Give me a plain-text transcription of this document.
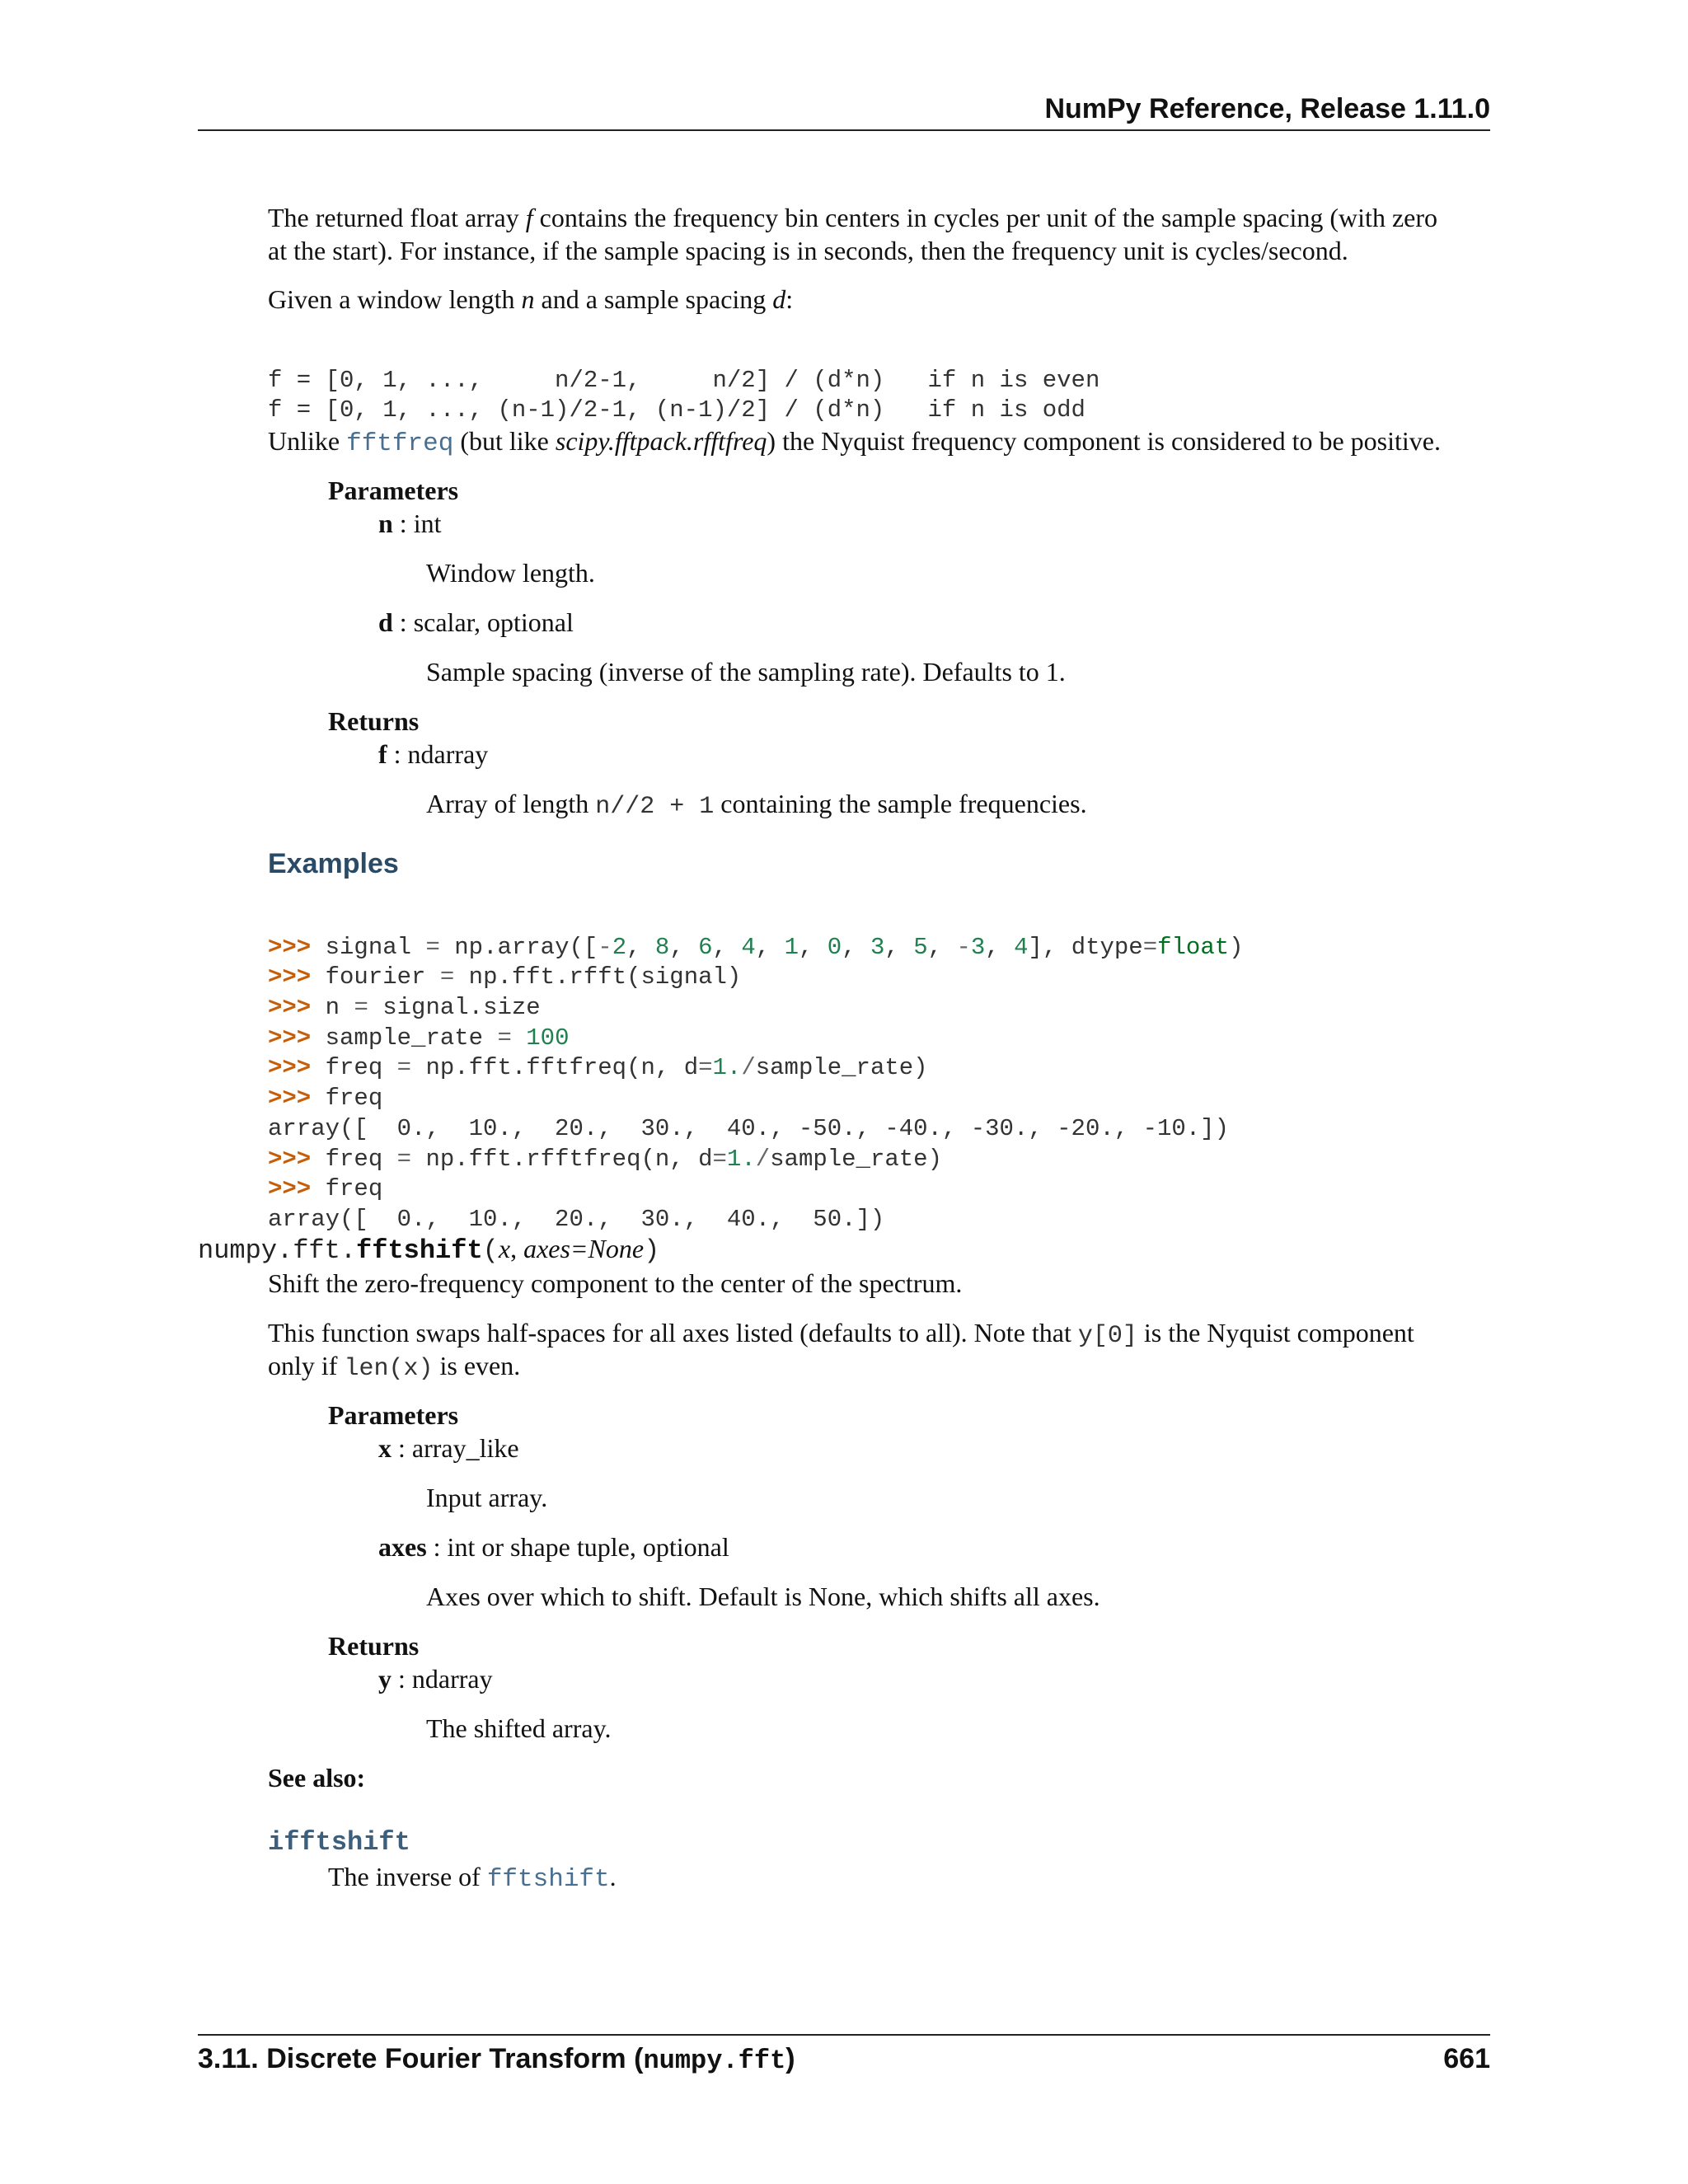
NumPy Reference, Release 1.11.0
The returned float array f contains the frequency bin centers in cycles per unit of the sample spacing (with zero
at the start). For instance, if the sample spacing is in seconds, then the frequency unit is cycles/second.
Given a window length n and a sample spacing d:

f = [0, 1, ...,     n/2-1,     n/2] / (d*n)   if n is even
f = [0, 1, ..., (n-1)/2-1, (n-1)/2] / (d*n)   if n is odd

Unlike fftfreq (but like scipy.fftpack.rfftfreq) the Nyquist frequency component is considered to be positive.
Parameters
n : int
Window length.
d : scalar, optional
Sample spacing (inverse of the sampling rate). Defaults to 1.
Returns
f : ndarray
Array of length n//2 + 1 containing the sample frequencies.
Examples

>>> signal = np.array([-2, 8, 6, 4, 1, 0, 3, 5, -3, 4], dtype=float)
>>> fourier = np.fft.rfft(signal)
>>> n = signal.size
>>> sample_rate = 100
>>> freq = np.fft.fftfreq(n, d=1./sample_rate)
>>> freq
array([  0.,  10.,  20.,  30.,  40., -50., -40., -30., -20., -10.])
>>> freq = np.fft.rfftfreq(n, d=1./sample_rate)
>>> freq
array([  0.,  10.,  20.,  30.,  40.,  50.])

numpy.fft.fftshift(x, axes=None)
Shift the zero-frequency component to the center of the spectrum.
This function swaps half-spaces for all axes listed (defaults to all). Note that y[0] is the Nyquist component
only if len(x) is even.
Parameters
x : array_like
Input array.
axes : int or shape tuple, optional
Axes over which to shift. Default is None, which shifts all axes.
Returns
y : ndarray
The shifted array.
See also:
ifftshift
The inverse of fftshift.
3.11. Discrete Fourier Transform (numpy.fft)	661
